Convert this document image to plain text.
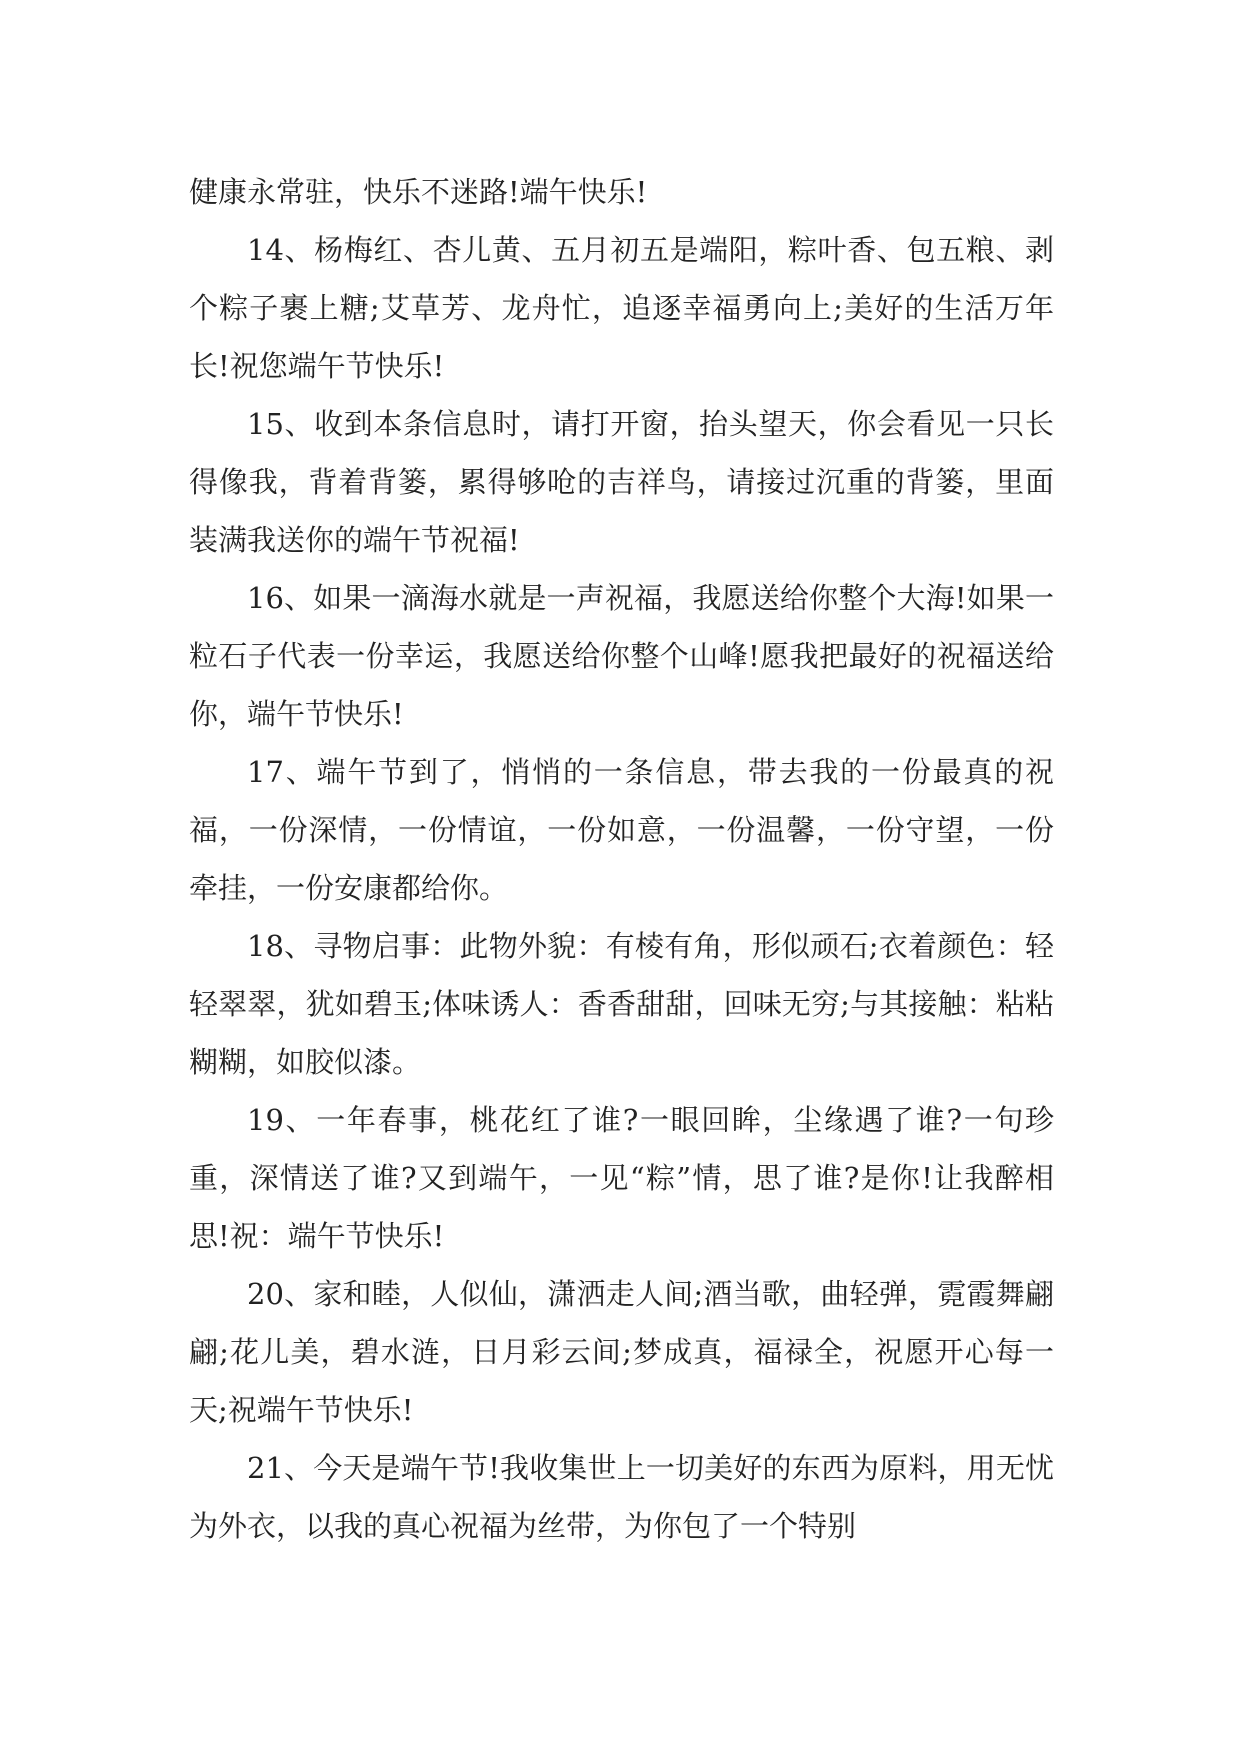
健康永常驻，快乐不迷路!端午快乐!

14、杨梅红、杏儿黄、五月初五是端阳，粽叶香、包五粮、剥个粽子裹上糖;艾草芳、龙舟忙，追逐幸福勇向上;美好的生活万年长!祝您端午节快乐!

15、收到本条信息时，请打开窗，抬头望天，你会看见一只长得像我，背着背篓，累得够呛的吉祥鸟，请接过沉重的背篓，里面装满我送你的端午节祝福!

16、如果一滴海水就是一声祝福，我愿送给你整个大海!如果一粒石子代表一份幸运，我愿送给你整个山峰!愿我把最好的祝福送给你，端午节快乐!

17、端午节到了，悄悄的一条信息，带去我的一份最真的祝福，一份深情，一份情谊，一份如意，一份温馨，一份守望，一份牵挂，一份安康都给你。

18、寻物启事：此物外貌：有棱有角，形似顽石;衣着颜色：轻轻翠翠，犹如碧玉;体味诱人：香香甜甜，回味无穷;与其接触：粘粘糊糊，如胶似漆。

19、一年春事，桃花红了谁?一眼回眸，尘缘遇了谁?一句珍重，深情送了谁?又到端午，一见“粽”情，思了谁?是你!让我醉相思!祝：端午节快乐!

20、家和睦，人似仙，潇洒走人间;酒当歌，曲轻弹，霓霞舞翩翩;花儿美，碧水涟，日月彩云间;梦成真，福禄全，祝愿开心每一天;祝端午节快乐!

21、今天是端午节!我收集世上一切美好的东西为原料，用无忧为外衣，以我的真心祝福为丝带，为你包了一个特别
